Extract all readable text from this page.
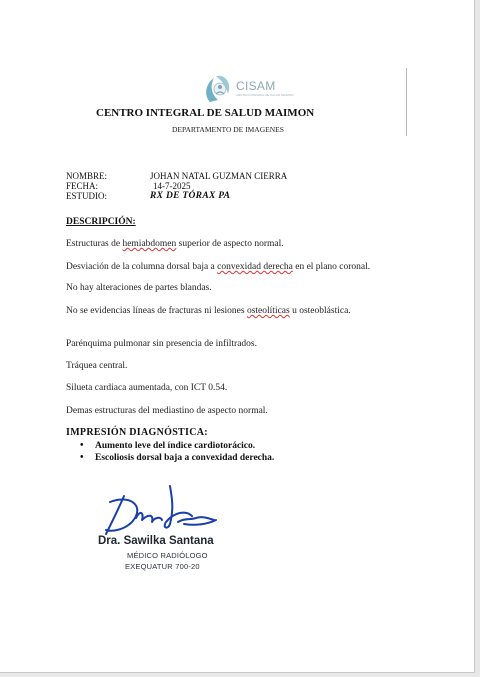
CISAM
CENTRO INTEGRAL DE SALUD MAIMON
CENTRO INTEGRAL DE SALUD MAIMON
DEPARTAMENTO DE IMAGENES
NOMBRE:	JOHAN NATAL GUZMAN CIERRA
FECHA:	14-7-2025
ESTUDIO:	RX DE TÓRAX PA
DESCRIPCIÓN:
Estructuras de hemiabdomen superior de aspecto normal.
Desviación de la columna dorsal baja a convexidad derecha en el plano coronal.
No hay alteraciones de partes blandas.
No se evidencias líneas de fracturas ni lesiones osteolíticas u osteoblástica.
Parénquima pulmonar sin presencia de infiltrados.
Tráquea central.
Silueta cardiaca aumentada, con ICT 0.54.
Demas estructuras del mediastino de aspecto normal.
IMPRESIÓN DIAGNÓSTICA:
• Aumento leve del índice cardiotorácico.
• Escoliosis dorsal baja a convexidad derecha.
Dra. Sawilka Santana
MÉDICO RADIÓLOGO
EXEQUATUR 700-20
